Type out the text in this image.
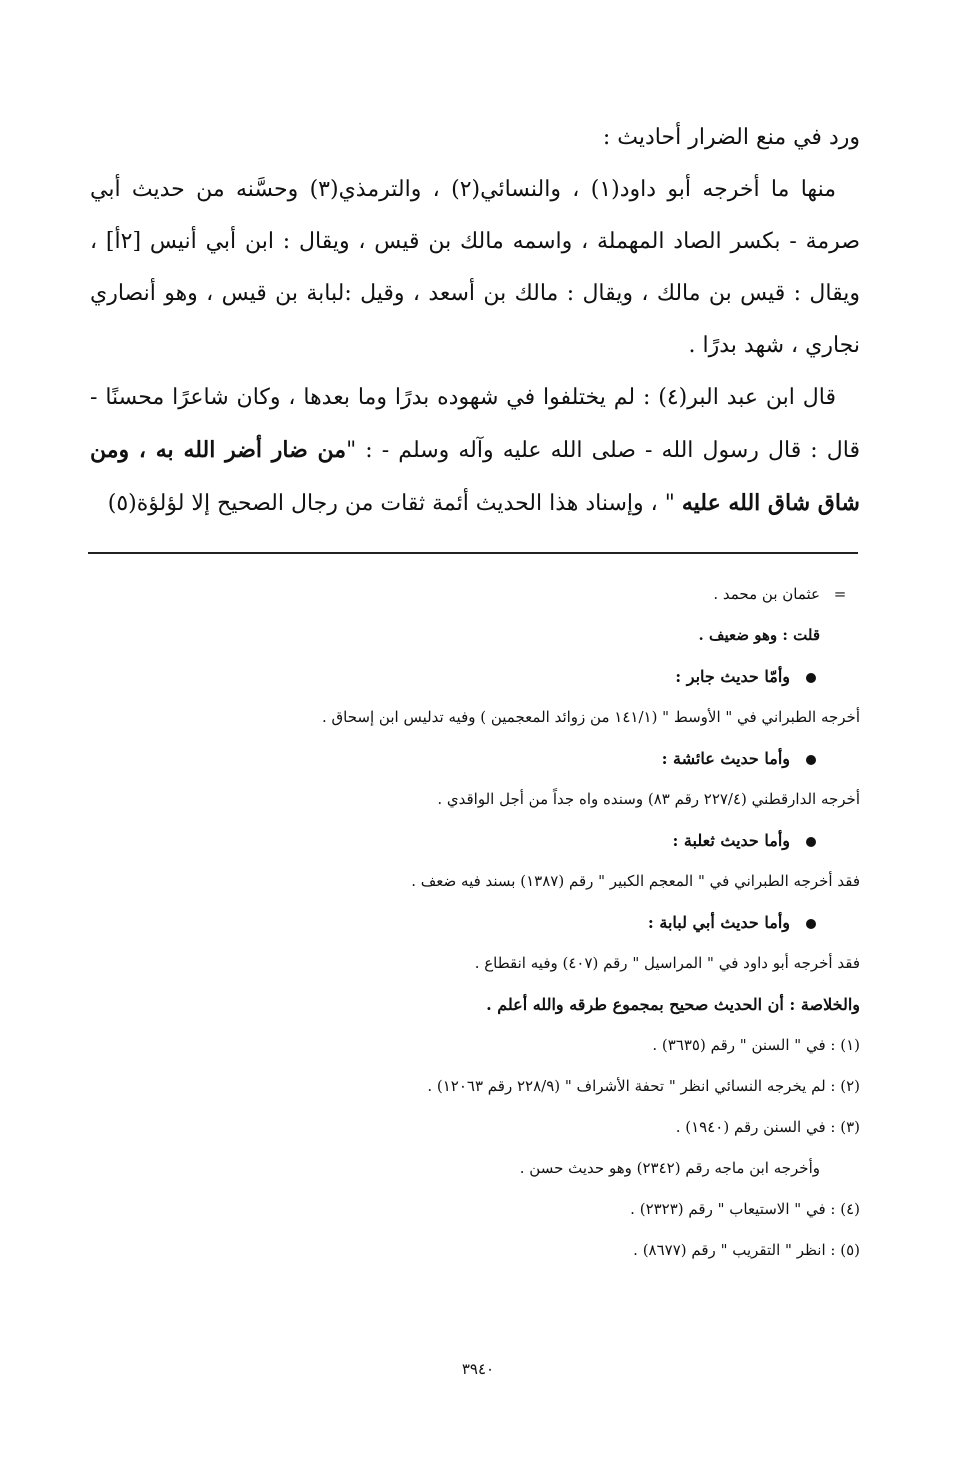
ورد في منع الضرار أحاديث :

منها ما أخرجه أبو داود(١) ، والنسائي(٢) ، والترمذي(٣) وحسَّنه من حديث أبي صرمة - بكسر الصاد المهملة ، واسمه مالك بن قيس ، ويقال : ابن أبي أنيس [٢أ] ، ويقال : قيس بن مالك ، ويقال : مالك بن أسعد ، وقيل :لبابة بن قيس ، وهو أنصاري نجاري ، شهد بدرًا .

قال ابن عبد البر(٤) : لم يختلفوا في شهوده بدرًا وما بعدها ، وكان شاعرًا محسنًا - قال : قال رسول الله - صلى الله عليه وآله وسلم - : "من ضار أضر الله به ، ومن شاق شاق الله عليه " ، وإسناد هذا الحديث أئمة ثقات من رجال الصحيح إلا لؤلؤة(٥)

=عثمان بن محمد .
قلت : وهو ضعيف .
وأمّا حديث جابر :
أخرجه الطبراني في " الأوسط " (١٤١/١ من زوائد المعجمين ) وفيه تدليس ابن إسحاق .
وأما حديث عائشة :
أخرجه الدارقطني (٢٢٧/٤ رقم ٨٣) وسنده واه جداً من أجل الواقدي .
وأما حديث ثعلبة :
فقد أخرجه الطبراني في " المعجم الكبير " رقم (١٣٨٧) بسند فيه ضعف .
وأما حديث أبي لبابة :
فقد أخرجه أبو داود في " المراسيل " رقم (٤٠٧) وفيه انقطاع .
والخلاصة : أن الحديث صحيح بمجموع طرقه والله أعلم .
(١) : في " السنن " رقم (٣٦٣٥) .
(٢) : لم يخرجه النسائي انظر " تحفة الأشراف " (٢٢٨/٩ رقم ١٢٠٦٣) .
(٣) : في السنن رقم (١٩٤٠) .
وأخرجه ابن ماجه رقم (٢٣٤٢) وهو حديث حسن .
(٤) : في " الاستيعاب " رقم (٢٣٢٣) .
(٥) : انظر " التقريب " رقم (٨٦٧٧) .
٣٩٤٠
